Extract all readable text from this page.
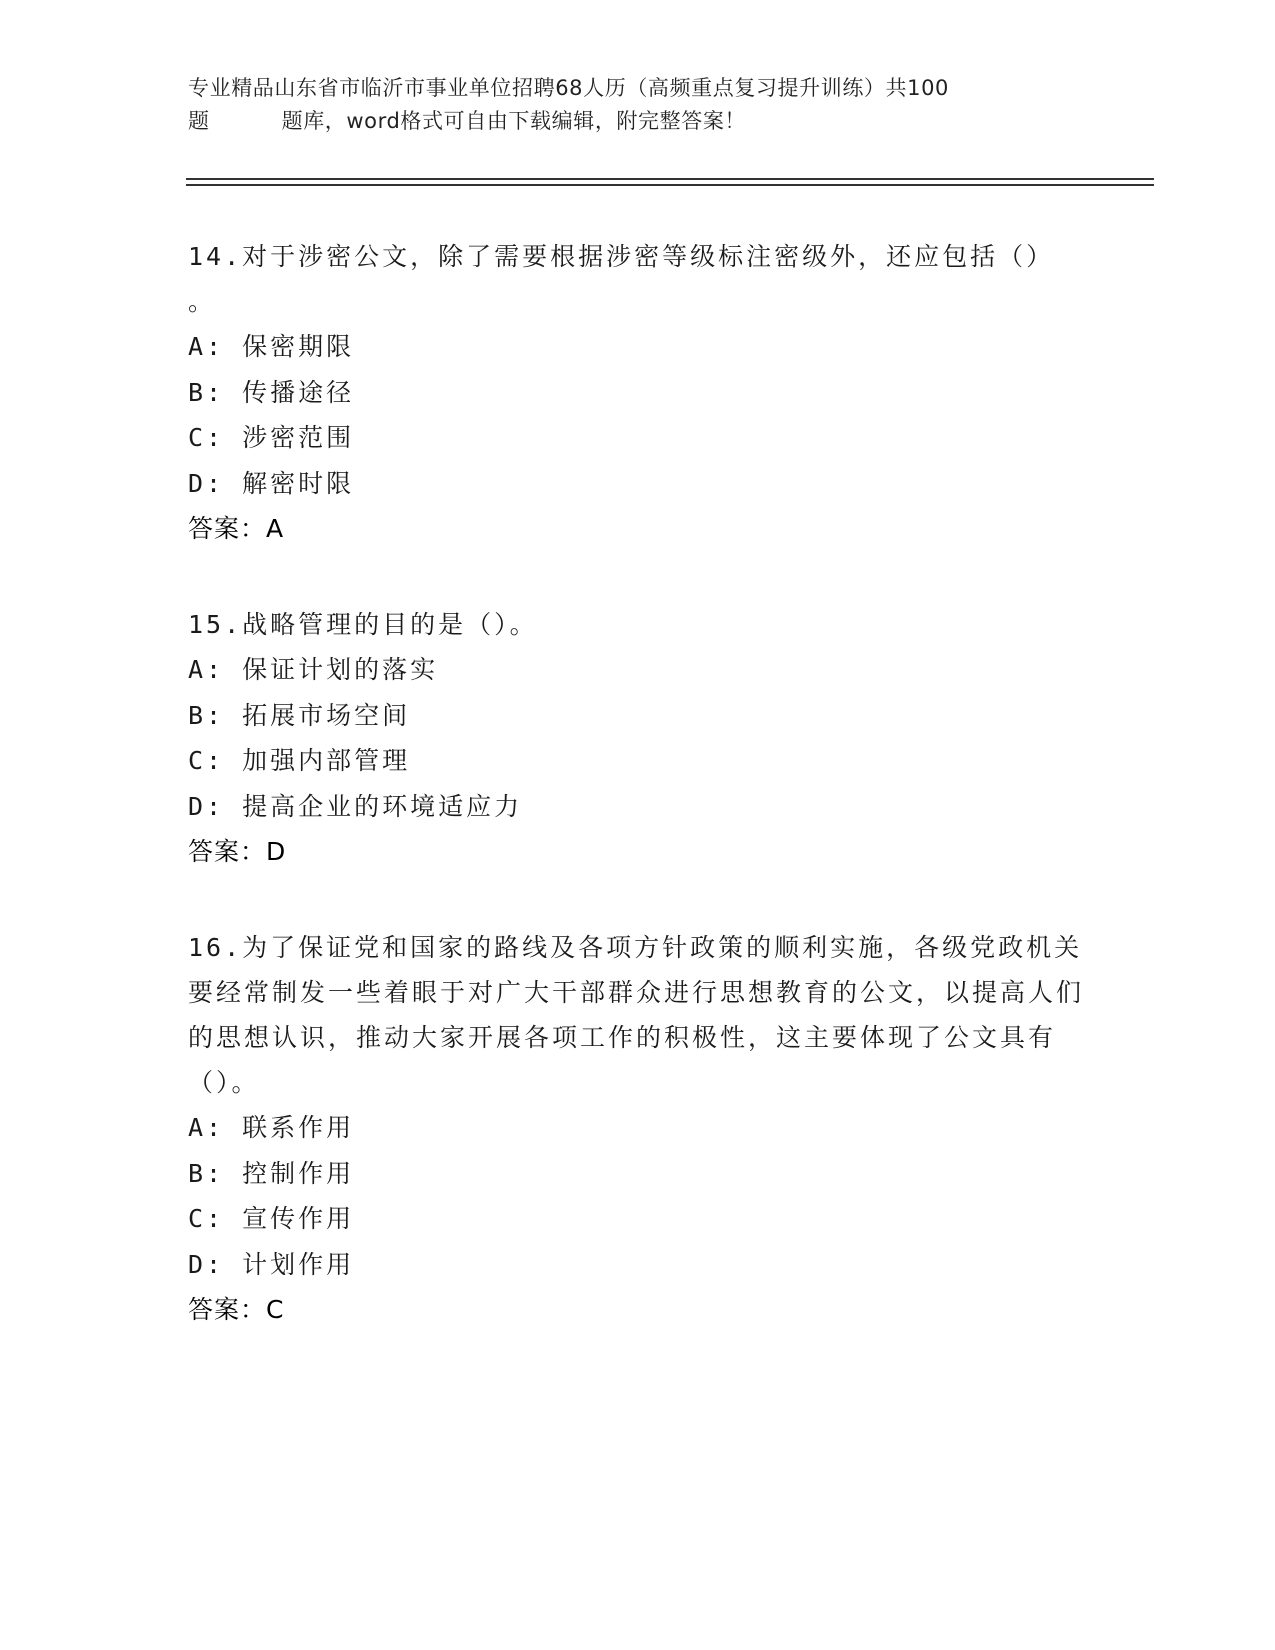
专业精品山东省市临沂市事业单位招聘68人历（高频重点复习提升训练）共100
题	题库，word格式可自由下载编辑，附完整答案！

14.对于涉密公文，除了需要根据涉密等级标注密级外，还应包括（）
。

A: 保密期限

B: 传播途径

C: 涉密范围

D: 解密时限

答案：A

15.战略管理的目的是（）。

A: 保证计划的落实

B: 拓展市场空间

C: 加强内部管理

D: 提高企业的环境适应力

答案：D

16.为了保证党和国家的路线及各项方针政策的顺利实施，各级党政机关要经常制发一些着眼于对广大干部群众进行思想教育的公文，以提高人们的思想认识，推动大家开展各项工作的积极性，这主要体现了公文具有（）。

A: 联系作用

B: 控制作用

C: 宣传作用

D: 计划作用

答案：C
